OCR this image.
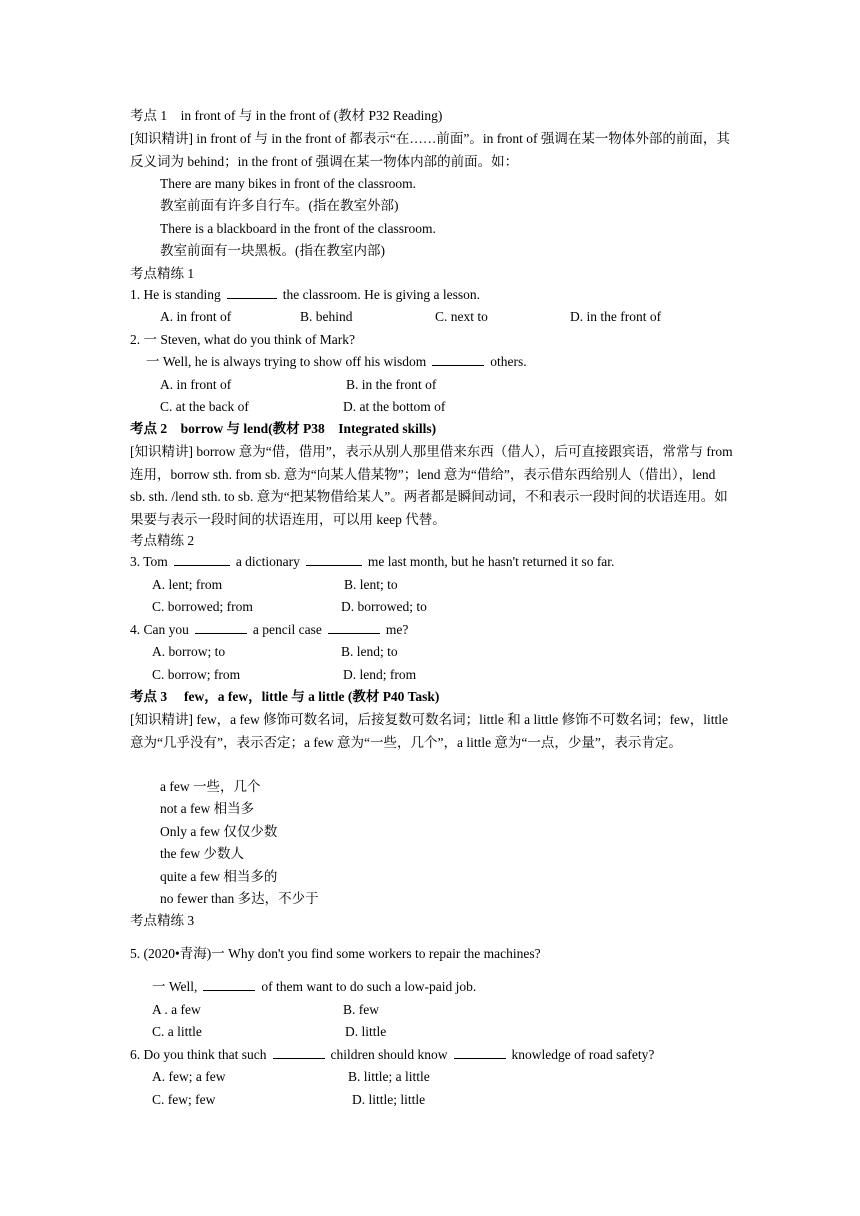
考点 1　in front of 与 in the front of (教材 P32 Reading)
[知识精讲] in front of 与 in the front of 都表示“在……前面”。in front of 强调在某一物体外部的前面，其反义词为 behind；in the front of 强调在某一物体内部的前面。如：
There are many bikes in front of the classroom.
教室前面有许多自行车。(指在教室外部)
There is a blackboard in the front of the classroom.
教室前面有一块黑板。(指在教室内部)
考点精练 1
1. He is standing	the classroom. He is giving a lesson.
A. in front of	B. behind	C. next to	D. in the front of
2. 一 Steven, what do you think of Mark?
一 Well, he is always trying to show off his wisdom	others.
A. in front of	B. in the front of
C. at the back of	D. at the bottom of
考点 2　borrow 与 lend(教材 P38　Integrated skills)
[知识精讲] borrow 意为“借，借用”，表示从别人那里借来东西（借人），后可直接跟宾语，常常与 from 连用，borrow sth. from sb. 意为“向某人借某物”；lend 意为“借给”，表示借东西给别人（借出），lend sb. sth. /lend sth. to sb. 意为“把某物借给某人”。两者都是瞬间动词，不和表示一段时间的状语连用。如果要与表示一段时间的状语连用，可以用 keep 代替。
考点精练 2
3. Tom	a dictionary	me last month, but he hasn't returned it so far.
A. lent; from	B. lent; to
C. borrowed; from	D. borrowed; to
4. Can you	a pencil case	me?
A. borrow; to	B. lend; to
C. borrow; from	D. lend; from
考点 3　 few，a few，little 与 a little (教材 P40 Task)
[知识精讲] few，a few 修饰可数名词，后接复数可数名词；little 和 a little 修饰不可数名词；few，little 意为“几乎没有”，表示否定；a few 意为“一些，几个”，a little 意为“一点，少量”，表示肯定。
a few 一些，几个
not a few 相当多
Only a few 仅仅少数
the few 少数人
quite a few 相当多的
no fewer than 多达，不少于
考点精练 3
5. (2020•青海)一 Why don't you find some workers to repair the machines?
一 Well,	of them want to do such a low-paid job.
A . a few	B. few
C. a little	D. little
6. Do you think that such	children should know	knowledge of road safety?
A. few; a few	B. little; a little
C. few; few	D. little; little
